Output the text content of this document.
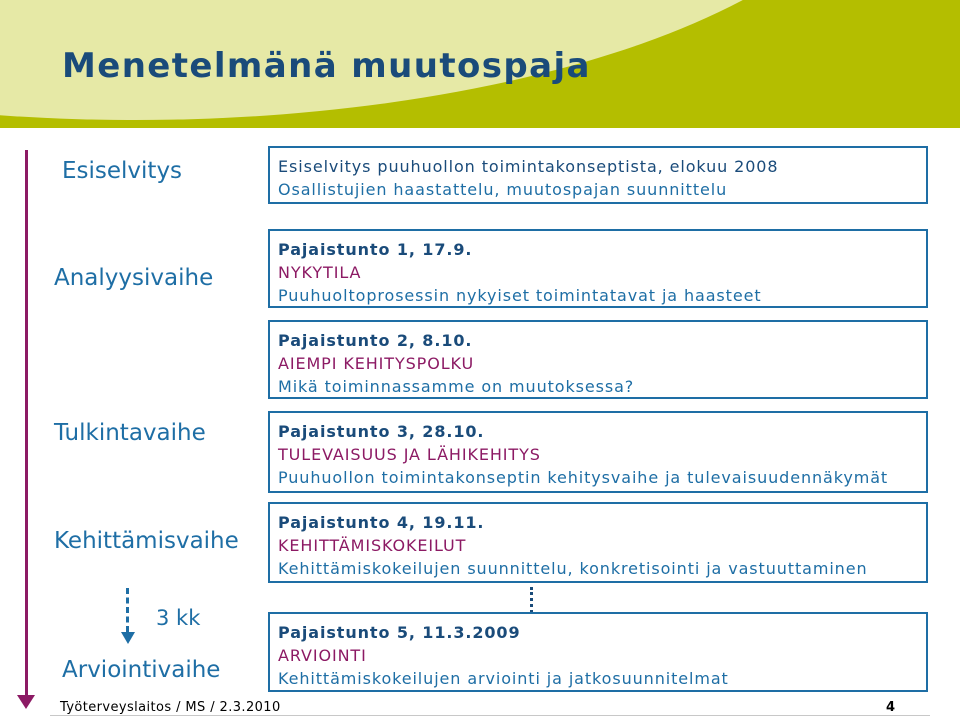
Menetelmänä muutospaja
Esiselvitys
Analyysivaihe
Tulkintavaihe
Kehittämisvaihe
3 kk
Arviointivaihe
Esiselvitys puuhuollon toimintakonseptista, elokuu 2008
Osallistujien haastattelu, muutospajan suunnittelu
Pajaistunto 1, 17.9.
NYKYTILA
Puuhuoltoprosessin nykyiset toimintatavat ja haasteet
Pajaistunto 2, 8.10.
AIEMPI KEHITYSPOLKU
Mikä toiminnassamme on muutoksessa?
Pajaistunto 3, 28.10.
TULEVAISUUS JA LÄHIKEHITYS
Puuhuollon toimintakonseptin kehitysvaihe ja tulevaisuudennäkymät
Pajaistunto 4, 19.11.
KEHITTÄMISKOKEILUT
Kehittämiskokeilujen suunnittelu, konkretisointi ja vastuuttaminen
Pajaistunto 5, 11.3.2009
ARVIOINTI
Kehittämiskokeilujen arviointi ja jatkosuunnitelmat
Työterveyslaitos / MS / 2.3.2010	4
